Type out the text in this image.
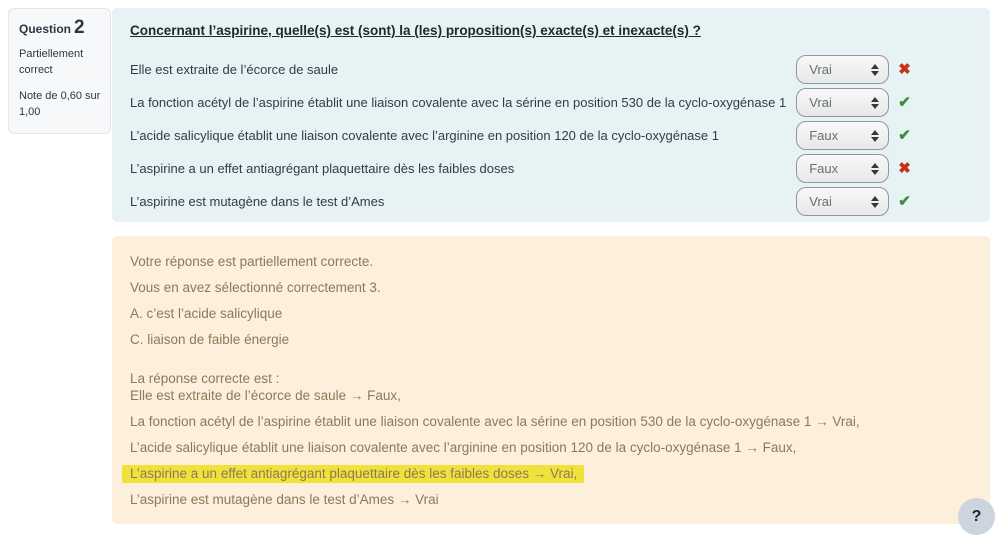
Question 2
Partiellement correct
Note de 0,60 sur 1,00
Concernant l’aspirine, quelle(s) est (sont) la (les) proposition(s) exacte(s) et inexacte(s) ?
Elle est extraite de l’écorce de saule	Vrai	✖
La fonction acétyl de l’aspirine établit une liaison covalente avec la sérine en position 530 de la cyclo-oxygénase 1	Vrai	✔
L’acide salicylique établit une liaison covalente avec l’arginine en position 120 de la cyclo-oxygénase 1	Faux	✔
L’aspirine a un effet antiagrégant plaquettaire dès les faibles doses	Faux	✖
L’aspirine est mutagène dans le test d’Ames	Vrai	✔

Votre réponse est partiellement correcte.

Vous en avez sélectionné correctement 3.

A. c’est l’acide salicylique

C. liaison de faible énergie

La réponse correcte est :

Elle est extraite de l’écorce de saule → Faux,

La fonction acétyl de l’aspirine établit une liaison covalente avec la sérine en position 530 de la cyclo-oxygénase 1 → Vrai,

L’acide salicylique établit une liaison covalente avec l’arginine en position 120 de la cyclo-oxygénase 1 → Faux,

L’aspirine a un effet antiagrégant plaquettaire dès les faibles doses → Vrai,

L’aspirine est mutagène dans le test d’Ames → Vrai

?
